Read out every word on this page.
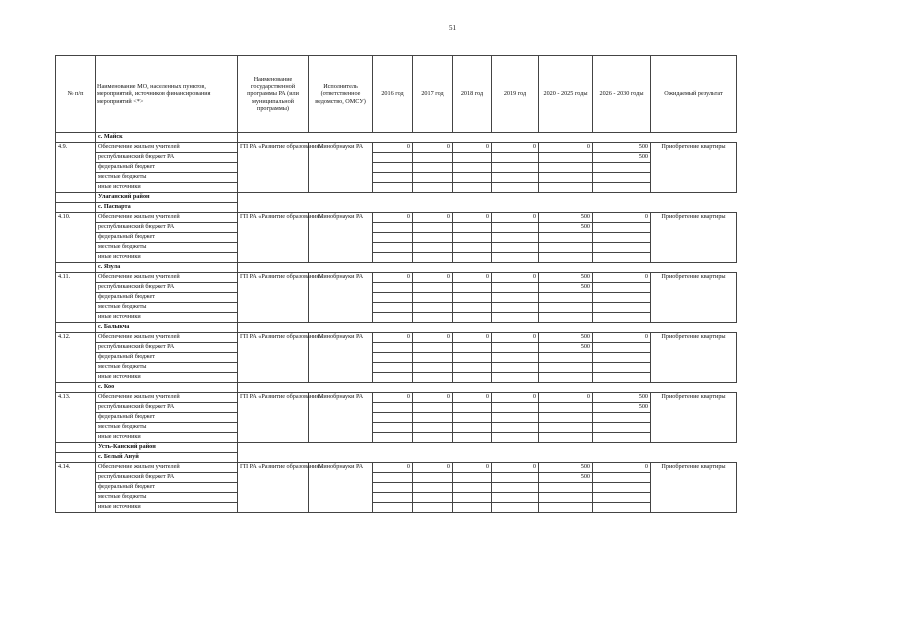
51
№ п/п	Наименование МО, населенных пунктов, мероприятий, источников финансирования мероприятий <*>	Наименование государственной программы РА (или муниципальной программы)	Исполнитель (ответственное ведомство, ОМСУ)	2016 год	2017 год	2018 год	2019 год	2020 - 2025 годы	2026 - 2030 годы	Ожидаемый результат
	с. Майск									
4.9.	Обеспечение жильем учителей	ГП РА «Развитие образования»	Минобрнауки РА	0	0	0	0	0	500	Приобретение квартиры
	республиканский бюджет РА								500	
	федеральный бюджет									
	местные бюджеты									
	иные источники									
	Улаганский район									
	с. Паспарта									
4.10.	Обеспечение жильем учителей	ГП РА «Развитие образования»	Минобрнауки РА	0	0	0	0	500	0	Приобретение квартиры
	республиканский бюджет РА							500		
	федеральный бюджет									
	местные бюджеты									
	иные источники									
	с. Язула									
4.11.	Обеспечение жильем учителей	ГП РА «Развитие образования»	Минобрнауки РА	0	0	0	0	500	0	Приобретение квартиры
	республиканский бюджет РА							500		
	федеральный бюджет									
	местные бюджеты									
	иные источники									
	с. Балыкча									
4.12.	Обеспечение жильем учителей	ГП РА «Развитие образования»	Минобрнауки РА	0	0	0	0	500	0	Приобретение квартиры
	республиканский бюджет РА							500		
	федеральный бюджет									
	местные бюджеты									
	иные источники									
	с. Коо									
4.13.	Обеспечение жильем учителей	ГП РА «Развитие образования»	Минобрнауки РА	0	0	0	0	0	500	Приобретение квартиры
	республиканский бюджет РА								500	
	федеральный бюджет									
	местные бюджеты									
	иные источники									
	Усть-Канский район									
	с. Белый Ануй									
4.14.	Обеспечение жильем учителей	ГП РА «Развитие образования»	Минобрнауки РА	0	0	0	0	500	0	Приобретение квартиры
	республиканский бюджет РА							500		
	федеральный бюджет									
	местные бюджеты									
	иные источники									
